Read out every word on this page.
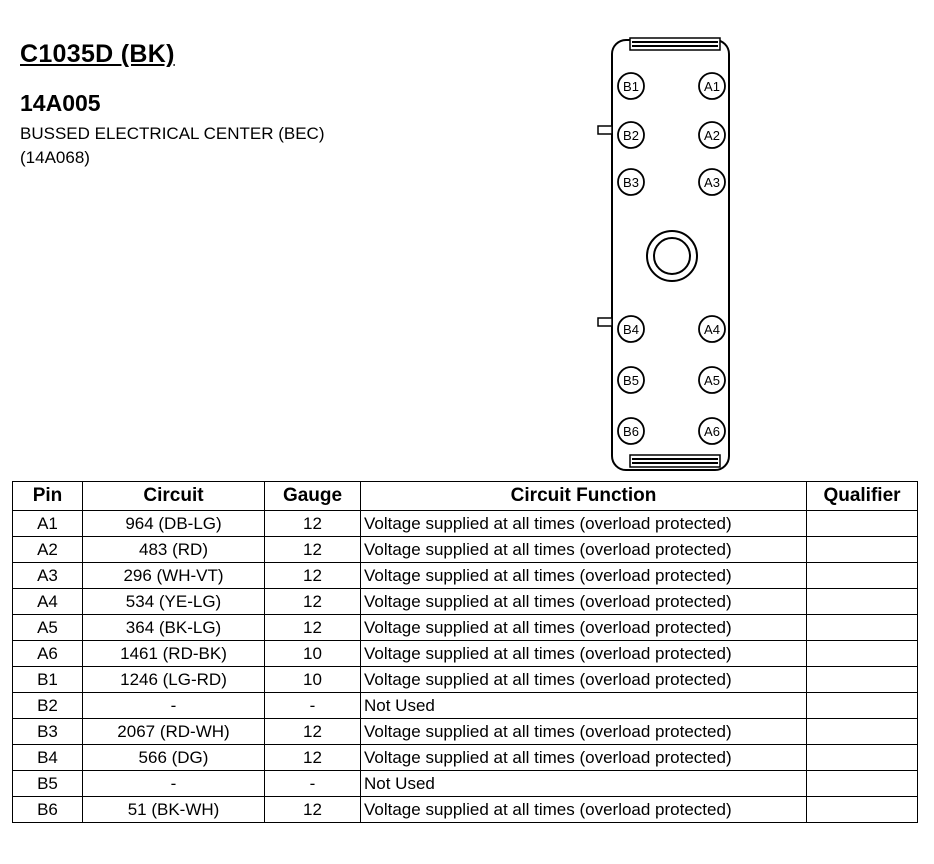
C1035D (BK)
14A005
BUSSED ELECTRICAL CENTER (BEC)
(14A068)
B1
B2
B3
B4
B5
B6
A1
A2
A3
A4
A5
A6
Pin	Circuit	Gauge	Circuit Function	Qualifier
A1	964 (DB-LG)	12	Voltage supplied at all times (overload protected)	
A2	483 (RD)	12	Voltage supplied at all times (overload protected)	
A3	296 (WH-VT)	12	Voltage supplied at all times (overload protected)	
A4	534 (YE-LG)	12	Voltage supplied at all times (overload protected)	
A5	364 (BK-LG)	12	Voltage supplied at all times (overload protected)	
A6	1461 (RD-BK)	10	Voltage supplied at all times (overload protected)	
B1	1246 (LG-RD)	10	Voltage supplied at all times (overload protected)	
B2	-	-	Not Used	
B3	2067 (RD-WH)	12	Voltage supplied at all times (overload protected)	
B4	566 (DG)	12	Voltage supplied at all times (overload protected)	
B5	-	-	Not Used	
B6	51 (BK-WH)	12	Voltage supplied at all times (overload protected)	
